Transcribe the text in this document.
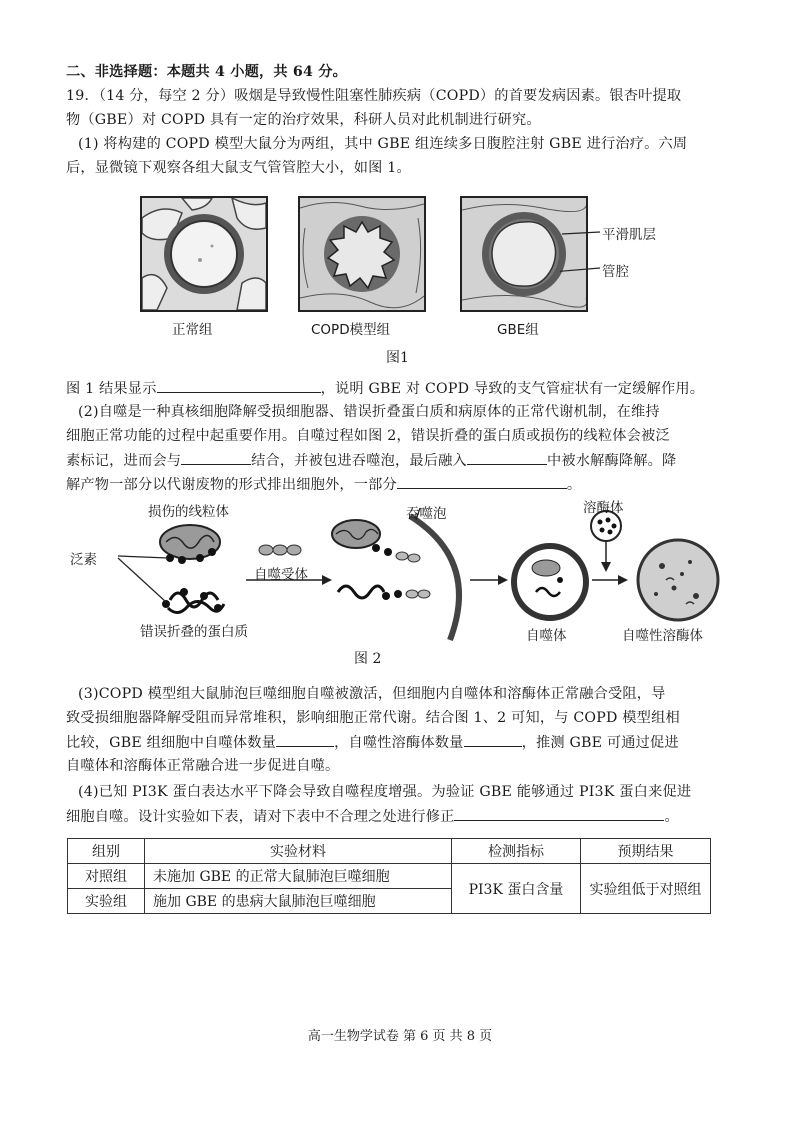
二、非选择题：本题共 4 小题，共 64 分。
19．（14 分，每空 2 分）吸烟是导致慢性阻塞性肺疾病（COPD）的首要发病因素。银杏叶提取
物（GBE）对 COPD 具有一定的治疗效果，科研人员对此机制进行研究。
(1) 将构建的 COPD 模型大鼠分为两组，其中 GBE 组连续多日腹腔注射 GBE 进行治疗。六周
后，显微镜下观察各组大鼠支气管管腔大小，如图 1。
平滑肌层
管腔
正常组	COPD模型组	GBE组
图1
图 1 结果显示	，说明 GBE 对 COPD 导致的支气管症状有一定缓解作用。
(2)自噬是一种真核细胞降解受损细胞器、错误折叠蛋白质和病原体的正常代谢机制，在维持
细胞正常功能的过程中起重要作用。自噬过程如图 2，错误折叠的蛋白质或损伤的线粒体会被泛
素标记，进而会与	结合，并被包进吞噬泡，最后融入	中被水解酶降解。降
解产物一部分以代谢废物的形式排出细胞外，一部分	。
损伤的线粒体
泛素
自噬受体
错误折叠的蛋白质
吞噬泡	溶酶体
自噬体	自噬性溶酶体
图 2
(3)COPD 模型组大鼠肺泡巨噬细胞自噬被激活，但细胞内自噬体和溶酶体正常融合受阻，导
致受损细胞器降解受阻而异常堆积，影响细胞正常代谢。结合图 1、2 可知，与 COPD 模型组相
比较，GBE 组细胞中自噬体数量	，自噬性溶酶体数量	，推测 GBE 可通过促进
自噬体和溶酶体正常融合进一步促进自噬。
(4)已知 PI3K 蛋白表达水平下降会导致自噬程度增强。为验证 GBE 能够通过 PI3K 蛋白来促进
细胞自噬。设计实验如下表，请对下表中不合理之处进行修正	。
组别	实验材料	检测指标	预期结果
对照组	未施加 GBE 的正常大鼠肺泡巨噬细胞	PI3K 蛋白含量	实验组低于对照组
实验组	施加 GBE 的患病大鼠肺泡巨噬细胞		
高一生物学试卷 第 6 页 共 8 页
